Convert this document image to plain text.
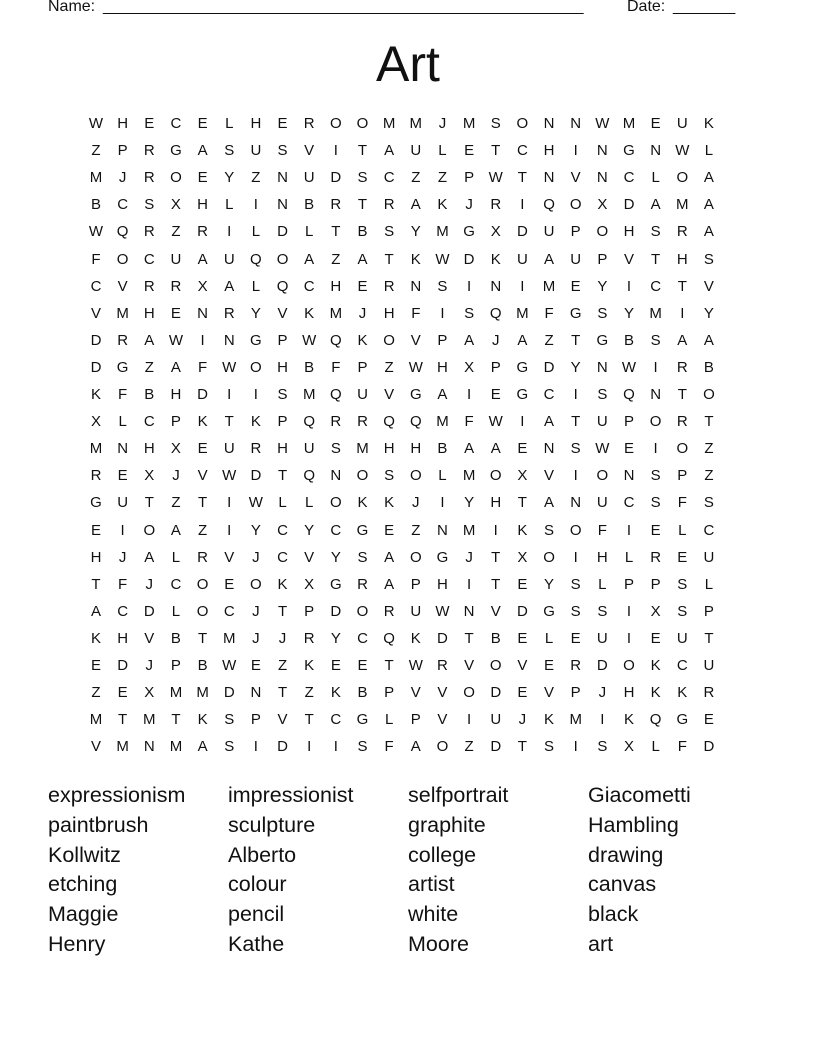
Name: ______________________________________________________	Date: _______
Art
W H	E	C	E	L	H	E	R	O O M M	J	M	S	O	N	N W M	E	U	K
Z	P	R	G	A	S	U	S	V	I	T	A	U	L	E	T	C	H	I	N	G	N W	L
M	J	R	O	E	Y	Z	N	U	D	S	C	Z	Z	P W T	N	V	N	C	L	O	A
B	C	S	X	H	L	I	N	B	R	T	R	A	K	J	R	I	Q O	X	D	A	M	A
W Q	R	Z	R	I	L	D	L	T	B	S	Y	M G	X	D	U	P	O	H	S	R	A
F	O	C	U	A	U	Q O	A	Z	A	T	K W D	K	U	A	U	P	V	T	H	S
C	V	R	R	X	A	L	Q	C	H	E	R	N	S	I	N	I	M	E	Y	I	C	T	V
V	M H	E	N	R	Y	V	K	M	J	H	F	I	S	Q M	F	G	S	Y	M	I	Y
D	R	A W	I	N	G	P W Q	K	O	V	P	A	J	A	Z	T	G	B	S	A	A
D	G	Z	A	F W O	H	B	F	P	Z W H	X	P	G	D	Y	N W	I	R	B
K	F	B	H	D	I	I	S	M Q	U	V	G	A	I	E	G	C	I	S	Q	N	T	O
X	L	C	P	K	T	K	P	Q	R	R	Q Q M	F W	I	A	T	U	P	O	R	T
M N	H	X	E	U	R	H	U	S	M H	H	B	A	A	E	N	S W E	I	O	Z
R	E	X	J	V W D	T	Q	N	O	S	O	L	M O	X	V	I	O	N	S	P	Z
G	U	T	Z	T	I	W	L	L	O	K	K	J	I	Y	H	T	A	N	U	C	S	F	S
E	I	O	A	Z	I	Y	C	Y	C	G	E	Z	N M	I	K	S	O	F	I	E	L	C
H	J	A	L	R	V	J	C	V	Y	S	A	O G	J	T	X	O	I	H	L	R	E	U
T	F	J	C	O	E	O	K	X	G	R	A	P	H	I	T	E	Y	S	L	P	P	S	L
A	C	D	L	O	C	J	T	P	D	O	R	U W N	V	D	G	S	S	I	X	S	P
K	H	V	B	T	M	J	J	R	Y	C	Q	K	D	T	B	E	L	E	U	I	E	U	T
E	D	J	P	B W E	Z	K	E	E	T W R	V	O	V	E	R	D	O	K	C	U
Z	E	X	M M D	N	T	Z	K	B	P	V	V	O	D	E	V	P	J	H	K	K	R
M	T	M	T	K	S	P	V	T	C	G	L	P	V	I	U	J	K	M	I	K	Q G	E
V	M N M	A	S	I	D	I	I	S	F	A	O	Z	D	T	S	I	S	X	L	F	D
expressionism
paintbrush
Kollwitz
etching
Maggie
Henry
impressionist
sculpture
Alberto
colour
pencil
Kathe
selfportrait
graphite
college
artist
white
Moore
Giacometti
Hambling
drawing
canvas
black
art
